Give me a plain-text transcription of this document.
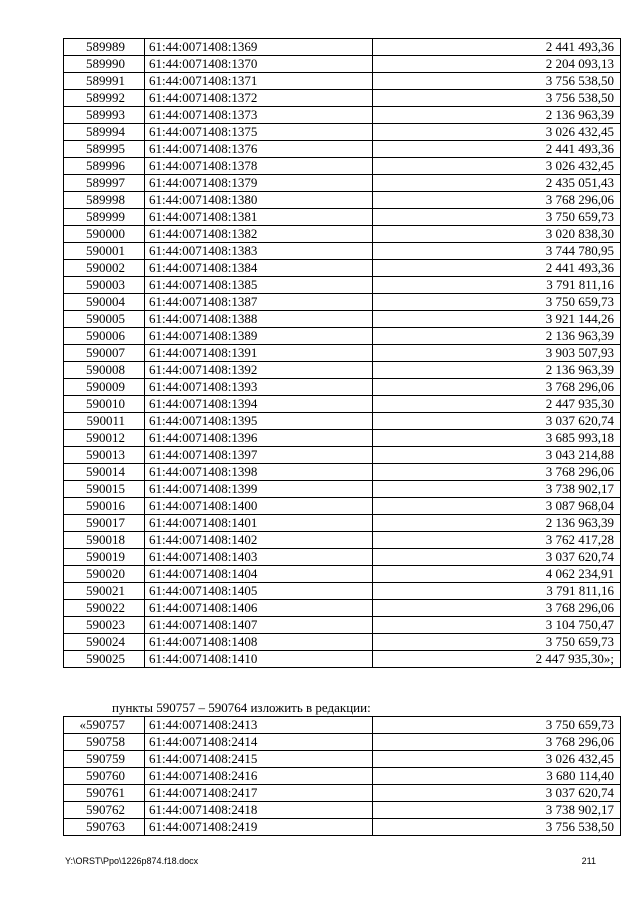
589989	61:44:0071408:1369	2 441 493,36
589990	61:44:0071408:1370	2 204 093,13
589991	61:44:0071408:1371	3 756 538,50
589992	61:44:0071408:1372	3 756 538,50
589993	61:44:0071408:1373	2 136 963,39
589994	61:44:0071408:1375	3 026 432,45
589995	61:44:0071408:1376	2 441 493,36
589996	61:44:0071408:1378	3 026 432,45
589997	61:44:0071408:1379	2 435 051,43
589998	61:44:0071408:1380	3 768 296,06
589999	61:44:0071408:1381	3 750 659,73
590000	61:44:0071408:1382	3 020 838,30
590001	61:44:0071408:1383	3 744 780,95
590002	61:44:0071408:1384	2 441 493,36
590003	61:44:0071408:1385	3 791 811,16
590004	61:44:0071408:1387	3 750 659,73
590005	61:44:0071408:1388	3 921 144,26
590006	61:44:0071408:1389	2 136 963,39
590007	61:44:0071408:1391	3 903 507,93
590008	61:44:0071408:1392	2 136 963,39
590009	61:44:0071408:1393	3 768 296,06
590010	61:44:0071408:1394	2 447 935,30
590011	61:44:0071408:1395	3 037 620,74
590012	61:44:0071408:1396	3 685 993,18
590013	61:44:0071408:1397	3 043 214,88
590014	61:44:0071408:1398	3 768 296,06
590015	61:44:0071408:1399	3 738 902,17
590016	61:44:0071408:1400	3 087 968,04
590017	61:44:0071408:1401	2 136 963,39
590018	61:44:0071408:1402	3 762 417,28
590019	61:44:0071408:1403	3 037 620,74
590020	61:44:0071408:1404	4 062 234,91
590021	61:44:0071408:1405	3 791 811,16
590022	61:44:0071408:1406	3 768 296,06
590023	61:44:0071408:1407	3 104 750,47
590024	61:44:0071408:1408	3 750 659,73
590025	61:44:0071408:1410	2 447 935,30»;
пункты 590757 – 590764 изложить в редакции:
«590757	61:44:0071408:2413	3 750 659,73
590758	61:44:0071408:2414	3 768 296,06
590759	61:44:0071408:2415	3 026 432,45
590760	61:44:0071408:2416	3 680 114,40
590761	61:44:0071408:2417	3 037 620,74
590762	61:44:0071408:2418	3 738 902,17
590763	61:44:0071408:2419	3 756 538,50
Y:\ORST\Ppo\1226p874.f18.docx	211
